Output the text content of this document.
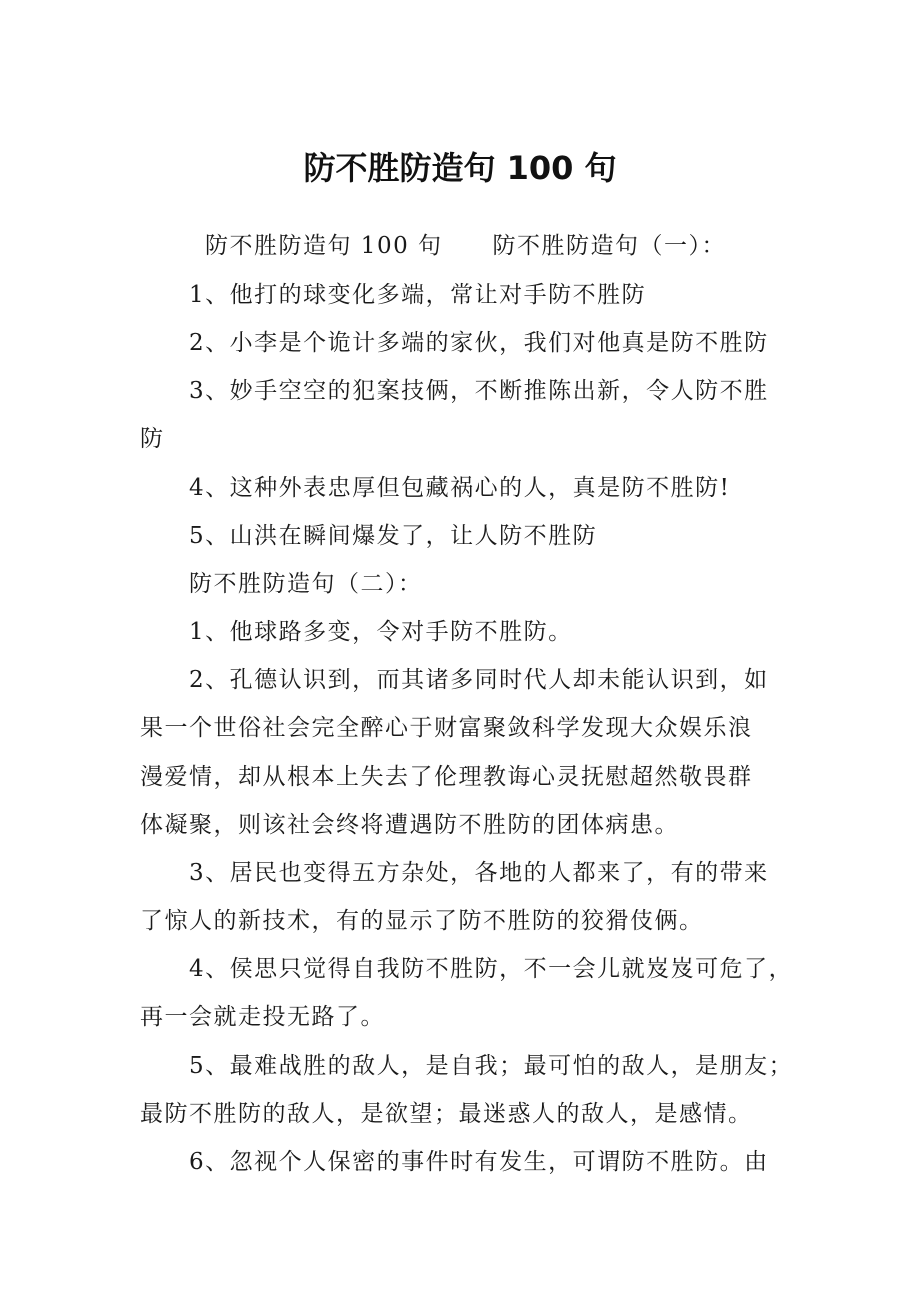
防不胜防造句 100 句
防不胜防造句 100 句 防不胜防造句（一）：
1、他打的球变化多端，常让对手防不胜防
2、小李是个诡计多端的家伙，我们对他真是防不胜防
3、妙手空空的犯案技俩，不断推陈出新，令人防不胜
防
4、这种外表忠厚但包藏祸心的人，真是防不胜防!
5、山洪在瞬间爆发了，让人防不胜防
防不胜防造句（二）：
1、他球路多变，令对手防不胜防。
2、孔德认识到，而其诸多同时代人却未能认识到，如
果一个世俗社会完全醉心于财富聚敛科学发现大众娱乐浪
漫爱情，却从根本上失去了伦理教诲心灵抚慰超然敬畏群
体凝聚，则该社会终将遭遇防不胜防的团体病患。
3、居民也变得五方杂处，各地的人都来了，有的带来
了惊人的新技术，有的显示了防不胜防的狡猾伎俩。
4、侯思只觉得自我防不胜防，不一会儿就岌岌可危了，
再一会就走投无路了。
5、最难战胜的敌人，是自我；最可怕的敌人，是朋友；
最防不胜防的敌人，是欲望；最迷惑人的敌人，是感情。
6、忽视个人保密的事件时有发生，可谓防不胜防。由
